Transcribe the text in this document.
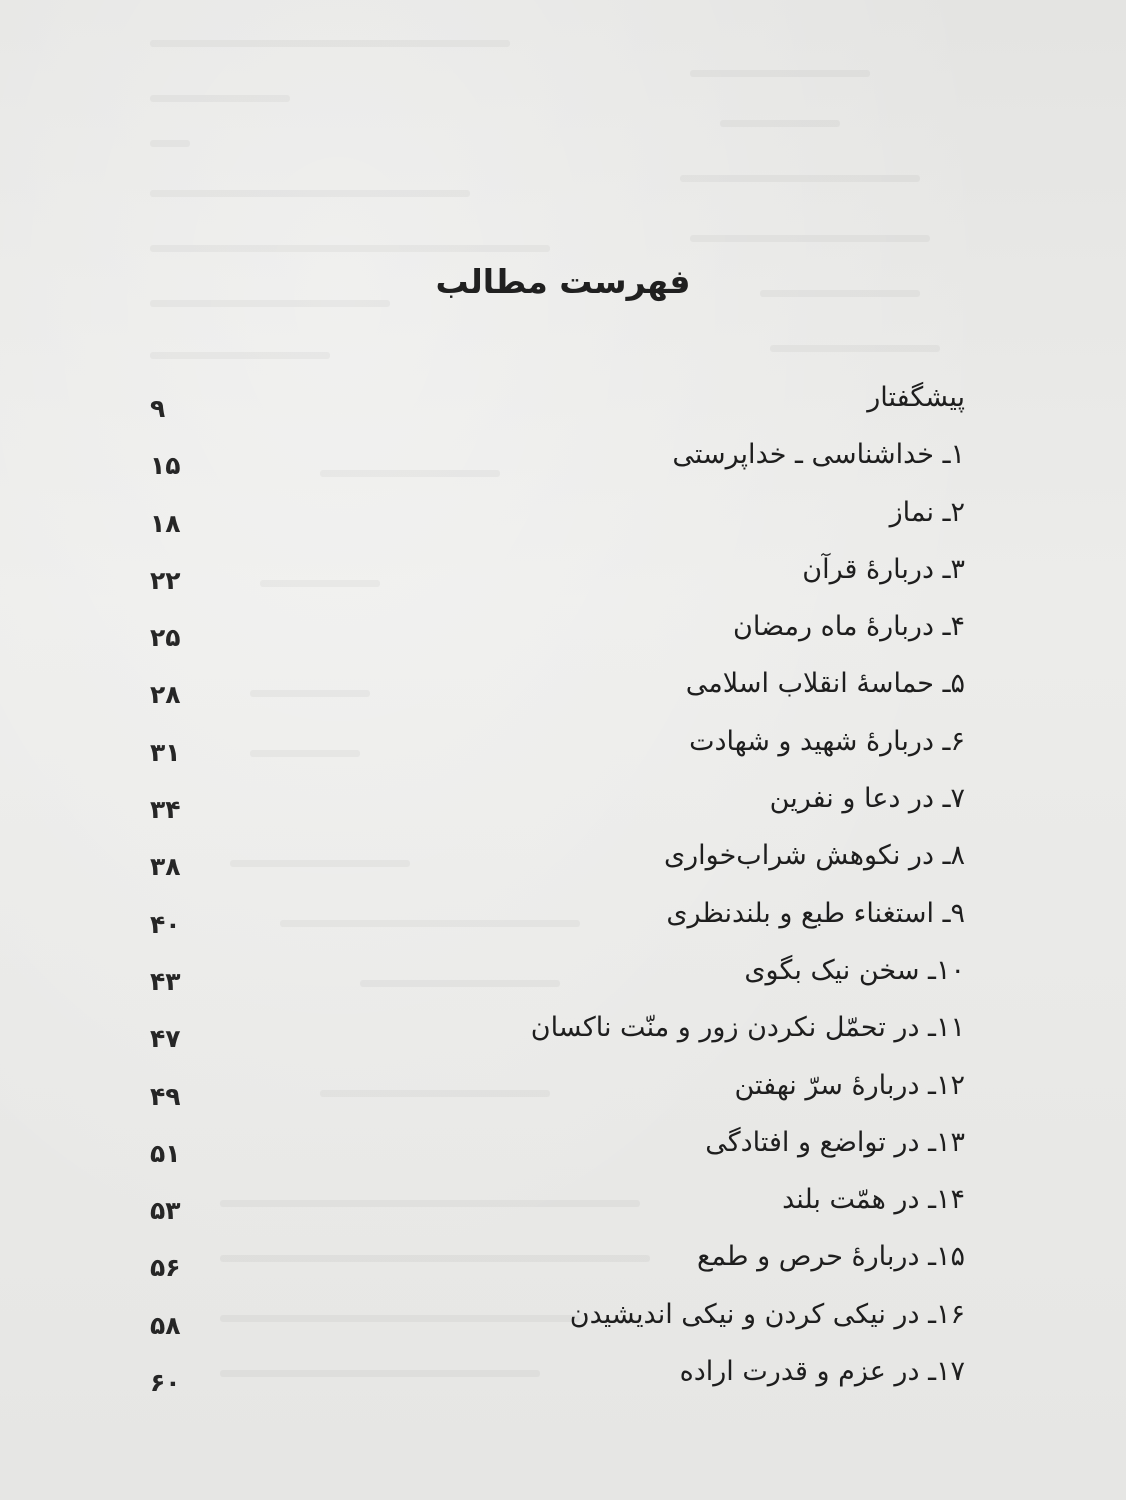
فهرست مطالب
۹	پیشگفتار
۱۵	۱ـ خداشناسی ـ خداپرستی
۱۸	۲ـ نماز
۲۲	۳ـ دربارهٔ قرآن
۲۵	۴ـ دربارهٔ ماه رمضان
۲۸	۵ـ حماسهٔ انقلاب اسلامی
۳۱	۶ـ دربارهٔ شهید و شهادت
۳۴	۷ـ در دعا و نفرین
۳۸	۸ـ در نکوهش شراب‌خواری
۴۰	۹ـ استغناء طبع و بلندنظری
۴۳	۱۰ـ سخن نیک بگوی
۴۷	۱۱ـ در تحمّل نکردن زور و منّت ناکسان
۴۹	۱۲ـ دربارهٔ سرّ نهفتن
۵۱	۱۳ـ در تواضع و افتادگی
۵۳	۱۴ـ در همّت بلند
۵۶	۱۵ـ دربارهٔ حرص و طمع
۵۸	۱۶ـ در نیکی کردن و نیکی اندیشیدن
۶۰	۱۷ـ در عزم و قدرت اراده
